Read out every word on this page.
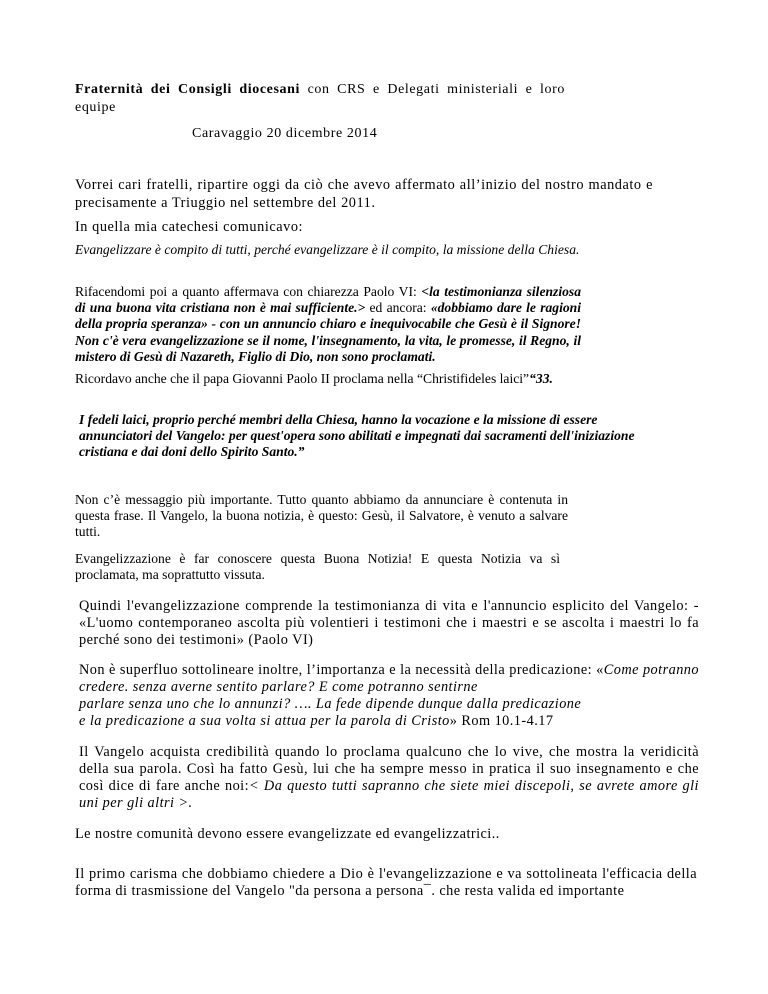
Fraternità dei Consigli diocesani con CRS e Delegati ministeriali e loro equipe

Caravaggio 20 dicembre 2014

Vorrei cari fratelli, ripartire oggi da ciò che avevo affermato all’inizio del nostro mandato e precisamente a Triuggio nel settembre del 2011.

In quella mia catechesi comunicavo:

Evangelizzare è compito di tutti, perché evangelizzare è il compito, la missione della Chiesa.

Rifacendomi poi a quanto affermava con chiarezza Paolo VI: <la testimonianza silenziosa di una buona vita cristiana non è mai sufficiente.> ed ancora: «dobbiamo dare le ragioni della propria speranza» - con un annuncio chiaro e inequivocabile che Gesù è il Signore! Non c'è vera evangelizzazione se il nome, l'insegnamento, la vita, le promesse, il Regno, il mistero di Gesù di Nazareth, Figlio di Dio, non sono proclamati.

Ricordavo anche che il papa Giovanni Paolo II proclama nella “Christifideles laici”“33.

I fedeli laici, proprio perché membri della Chiesa, hanno la vocazione e la missione di essere annunciatori del Vangelo: per quest'opera sono abilitati e impegnati dai sacramenti dell'iniziazione cristiana e dai doni dello Spirito Santo.”

Non c’è messaggio più importante. Tutto quanto abbiamo da annunciare è contenuta in questa frase. Il Vangelo, la buona notizia, è questo: Gesù, il Salvatore, è venuto a salvare tutti.

Evangelizzazione è far conoscere questa Buona Notizia! E questa Notizia va sì proclamata, ma soprattutto vissuta.

Quindi l'evangelizzazione comprende la testimonianza di vita e l'annuncio esplicito del Vangelo: - «L'uomo contemporaneo ascolta più volentieri i testimoni che i maestri e se ascolta i maestri lo fa perché sono dei testimoni» (Paolo VI)

Non è superfluo sottolineare inoltre, l’importanza e la necessità della predicazione: «Come potranno credere. senza averne sentito parlare? E come potranno sentirne
parlare senza uno che lo annunzi? …. La fede dipende dunque dalla predicazione
e la predicazione a sua volta si attua per la parola di Cristo» Rom 10.1-4.17

Il Vangelo acquista credibilità quando lo proclama qualcuno che lo vive, che mostra la veridicità della sua parola. Così ha fatto Gesù, lui che ha sempre messo in pratica il suo insegnamento e che così dice di fare anche noi:< Da questo tutti sapranno che siete miei discepoli, se avrete amore gli uni per gli altri >.

Le nostre comunità devono essere evangelizzate ed evangelizzatrici..

Il primo carisma che dobbiamo chiedere a Dio è l'evangelizzazione e va sottolineata l'efficacia della forma di trasmissione del Vangelo "da persona a persona¯. che resta valida ed importante
